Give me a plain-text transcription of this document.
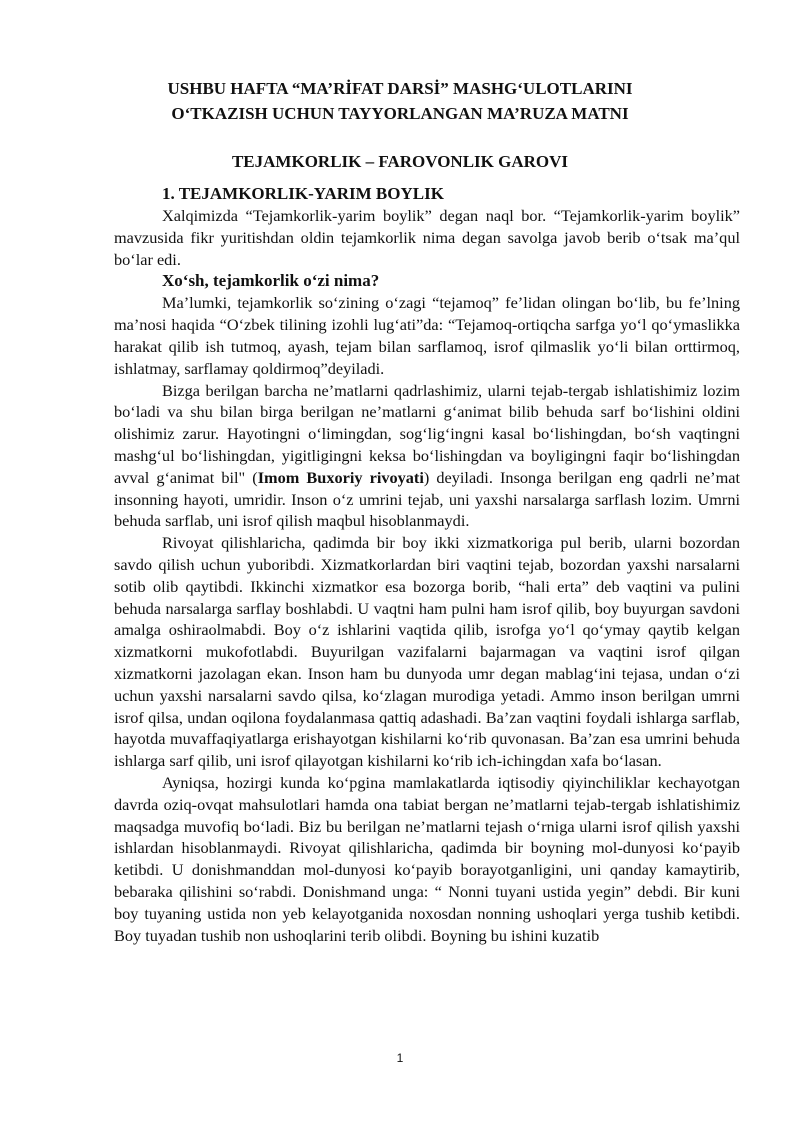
USHBU HAFTA “MA’RİFAT DARSİ” MASHG‘ULOTLARINI
O‘TKAZISH UCHUN TAYYORLANGAN MA’RUZA MATNI
TEJAMKORLIK – FAROVONLIK GAROVI
1. TEJAMKORLIK-YARIM BOYLIK

Xalqimizda “Tejamkorlik-yarim boylik” degan naql bor. “Tejamkorlik-yarim boylik” mavzusida fikr yuritishdan oldin tejamkorlik nima degan savolga javob berib o‘tsak ma’qul bo‘lar edi.

Xo‘sh, tejamkorlik o‘zi nima?

Ma’lumki, tejamkorlik so‘zining o‘zagi “tejamoq” fe’lidan olingan bo‘lib, bu fe’lning ma’nosi haqida “O‘zbek tilining izohli lug‘ati”da: “Tejamoq-ortiqcha sarfga yo‘l qo‘ymaslikka harakat qilib ish tutmoq, ayash, tejam bilan sarflamoq, isrof qilmaslik yo‘li bilan orttirmoq, ishlatmay, sarflamay qoldirmoq”deyiladi.

Bizga berilgan barcha ne’matlarni qadrlashimiz, ularni tejab-tergab ishlatishimiz lozim bo‘ladi va shu bilan birga berilgan ne’matlarni g‘animat bilib behuda sarf bo‘lishini oldini olishimiz zarur. Hayotingni o‘limingdan, sog‘lig‘ingni kasal bo‘lishingdan, bo‘sh vaqtingni mashg‘ul bo‘lishingdan, yigitligingni keksa bo‘lishingdan va boyligingni faqir bo‘lishingdan avval g‘animat bil" (Imom Buxoriy rivoyati) deyiladi. Insonga berilgan eng qadrli ne’mat insonning hayoti, umridir. Inson o‘z umrini tejab, uni yaxshi narsalarga sarflash lozim. Umrni behuda sarflab, uni isrof qilish maqbul hisoblanmaydi.

Rivoyat qilishlaricha, qadimda bir boy ikki xizmatkoriga pul berib, ularni bozordan savdo qilish uchun yuboribdi. Xizmatkorlardan biri vaqtini tejab, bozordan yaxshi narsalarni sotib olib qaytibdi. Ikkinchi xizmatkor esa bozorga borib, “hali erta” deb vaqtini va pulini behuda narsalarga sarflay boshlabdi. U vaqtni ham pulni ham isrof qilib, boy buyurgan savdoni amalga oshiraolmabdi. Boy o‘z ishlarini vaqtida qilib, isrofga yo‘l qo‘ymay qaytib kelgan xizmatkorni mukofotlabdi. Buyurilgan vazifalarni bajarmagan va vaqtini isrof qilgan xizmatkorni jazolagan ekan. Inson ham bu dunyoda umr degan mablag‘ini tejasa, undan o‘zi uchun yaxshi narsalarni savdo qilsa, ko‘zlagan murodiga yetadi. Ammo inson berilgan umrni isrof qilsa, undan oqilona foydalanmasa qattiq adashadi. Ba’zan vaqtini foydali ishlarga sarflab, hayotda muvaffaqiyatlarga erishayotgan kishilarni ko‘rib quvonasan. Ba’zan esa umrini behuda ishlarga sarf qilib, uni isrof qilayotgan kishilarni ko‘rib ich-ichingdan xafa bo‘lasan.

Ayniqsa, hozirgi kunda ko‘pgina mamlakatlarda iqtisodiy qiyinchiliklar kechayotgan davrda oziq-ovqat mahsulotlari hamda ona tabiat bergan ne’matlarni tejab-tergab ishlatishimiz maqsadga muvofiq bo‘ladi. Biz bu berilgan ne’matlarni tejash o‘rniga ularni isrof qilish yaxshi ishlardan hisoblanmaydi. Rivoyat qilishlaricha, qadimda bir boyning mol-dunyosi ko‘payib ketibdi. U donishmanddan mol-dunyosi ko‘payib borayotganligini, uni qanday kamaytirib, bebaraka qilishini so‘rabdi. Donishmand unga: “ Nonni tuyani ustida yegin” debdi. Bir kuni boy tuyaning ustida non yeb kelayotganida noxosdan nonning ushoqlari yerga tushib ketibdi. Boy tuyadan tushib non ushoqlarini terib olibdi. Boyning bu ishini kuzatib

1
